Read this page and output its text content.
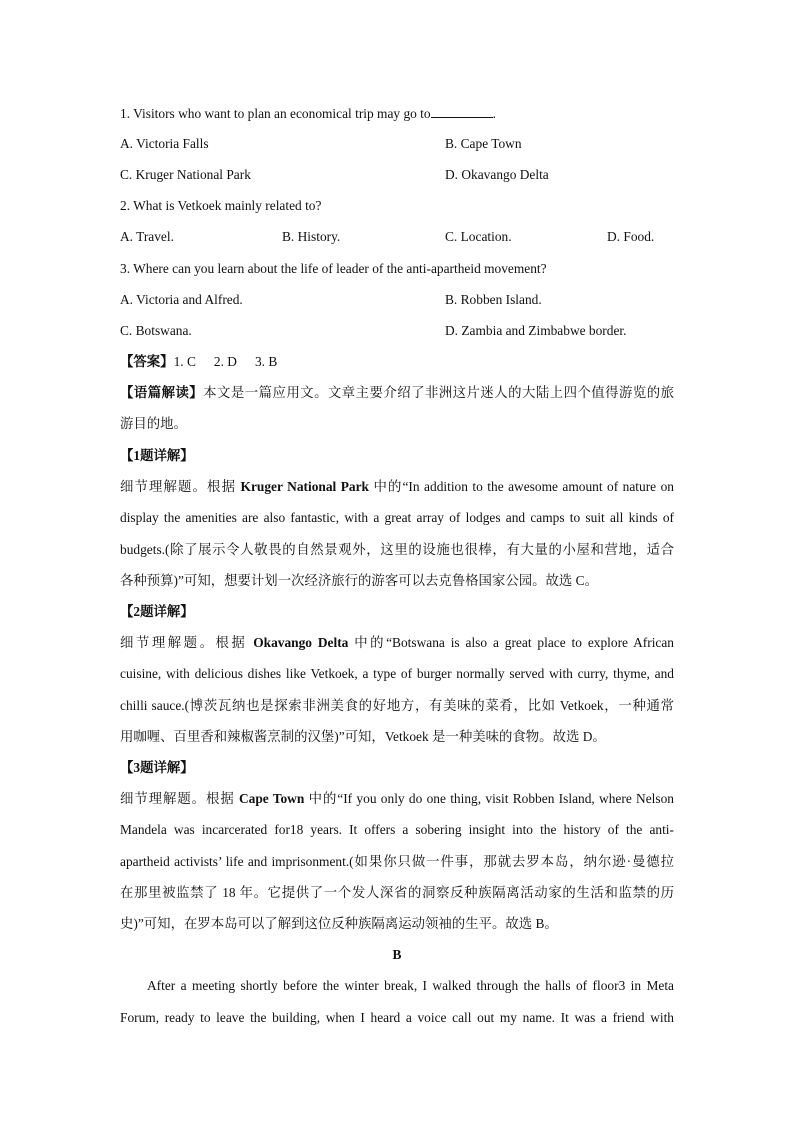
1. Visitors who want to plan an economical trip may go to	.

A. Victoria Falls	B. Cape Town

C. Kruger National Park	D. Okavango Delta

2. What is Vetkoek mainly related to?

A. Travel.	B. History.	C. Location.	D. Food.

3. Where can you learn about the life of leader of the anti-apartheid movement?

A. Victoria and Alfred.	B. Robben Island.

C. Botswana.	D. Zambia and Zimbabwe border.

【答案】1. C 2. D 3. B

【语篇解读】本文是一篇应用文。文章主要介绍了非洲这片迷人的大陆上四个值得游览的旅

游目的地。

【1题详解】

细节理解题。根据 Kruger National Park 中的“In addition to the awesome amount of nature on

display the amenities are also fantastic, with a great array of lodges and camps to suit all kinds of

budgets.(除了展示令人敬畏的自然景观外，这里的设施也很棒，有大量的小屋和营地，适合

各种预算)”可知，想要计划一次经济旅行的游客可以去克鲁格国家公园。故选 C。

【2题详解】

细节理解题。根据 Okavango Delta 中的“Botswana is also a great place to explore African

cuisine, with delicious dishes like Vetkoek, a type of burger normally served with curry, thyme, and

chilli sauce.(博茨瓦纳也是探索非洲美食的好地方，有美味的菜肴，比如 Vetkoek，一种通常

用咖喱、百里香和辣椒酱烹制的汉堡)”可知，Vetkoek 是一种美味的食物。故选 D。

【3题详解】

细节理解题。根据 Cape Town 中的“If you only do one thing, visit Robben Island, where Nelson

Mandela was incarcerated for18 years. It offers a sobering insight into the history of the anti-

apartheid activists’ life and imprisonment.(如果你只做一件事，那就去罗本岛，纳尔逊·曼德拉

在那里被监禁了 18 年。它提供了一个发人深省的洞察反种族隔离活动家的生活和监禁的历

史)”可知，在罗本岛可以了解到这位反种族隔离运动领袖的生平。故选 B。

B

After a meeting shortly before the winter break, I walked through the halls of floor3 in Meta

Forum, ready to leave the building, when I heard a voice call out my name. It was a friend with
